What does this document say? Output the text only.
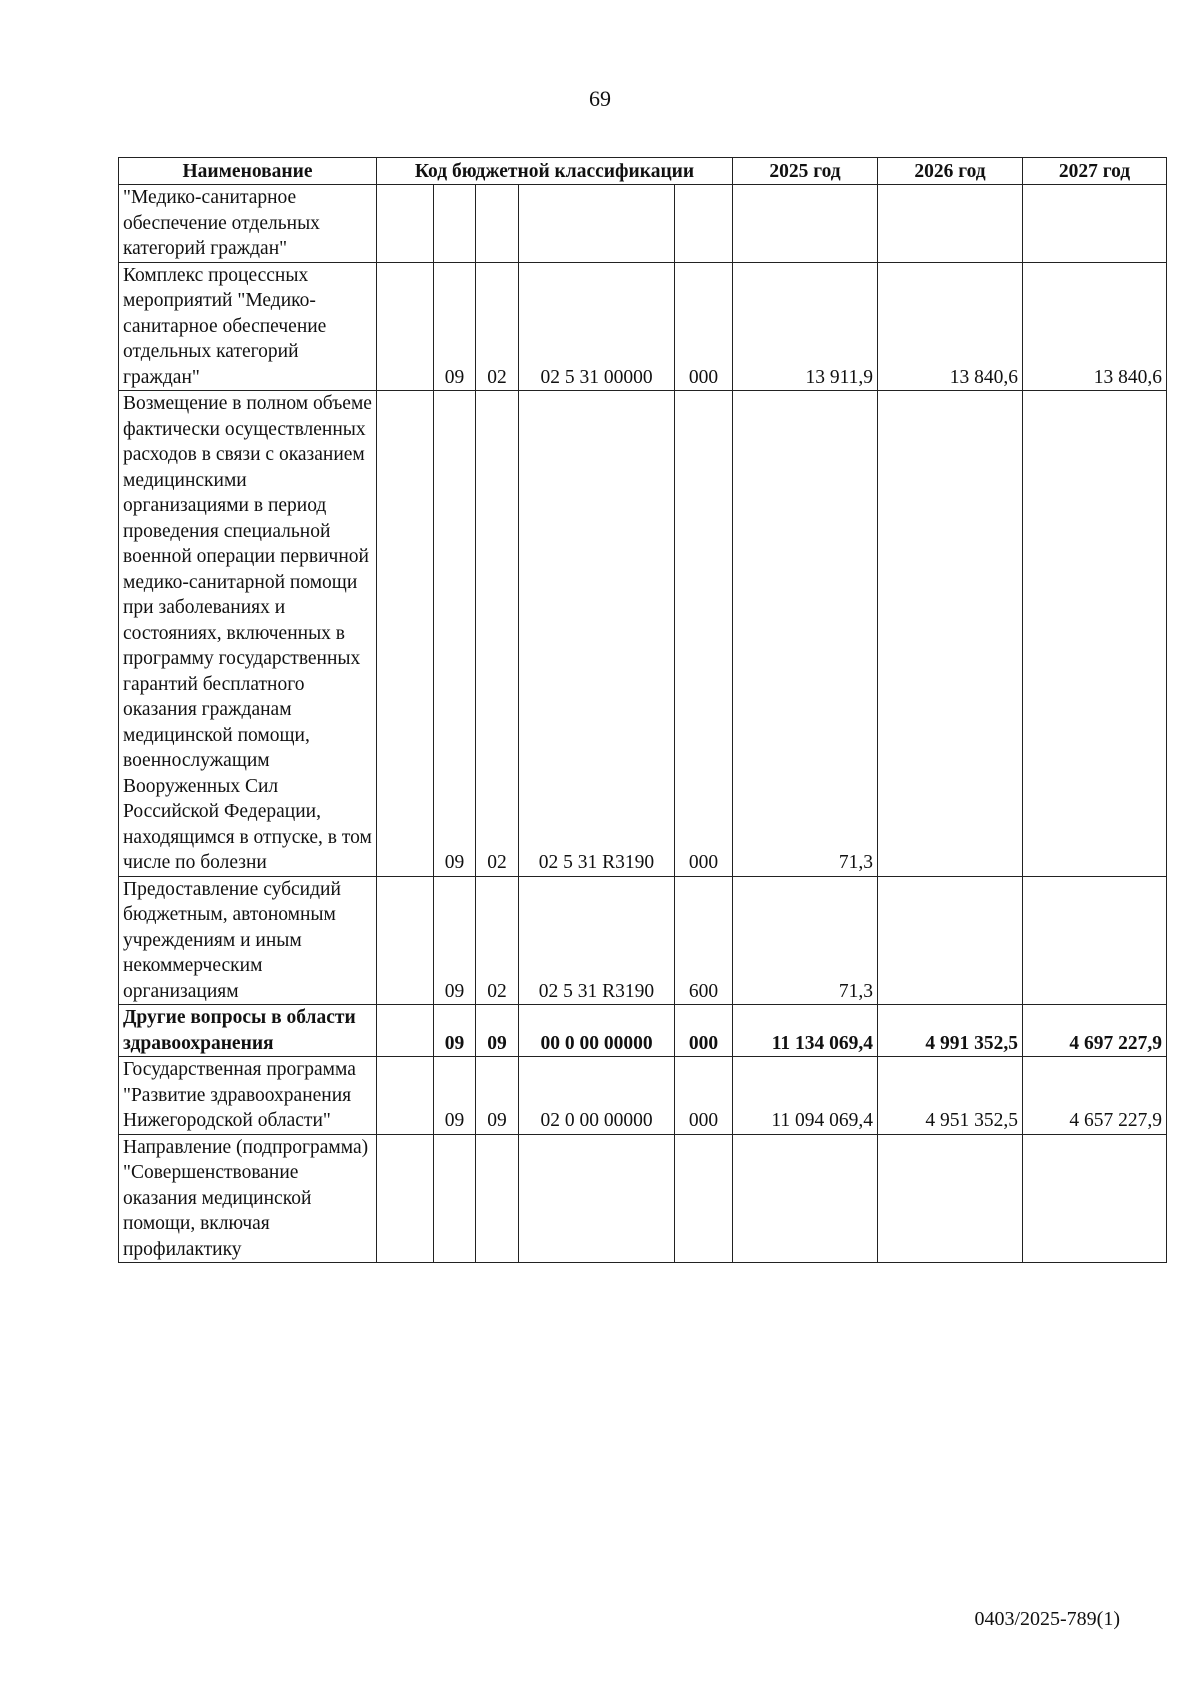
69
Наименование	Код бюджетной классификации					2025 год	2026 год	2027 год
"Медико-санитарное обеспечение отдельных категорий граждан"								
Комплекс процессных мероприятий "Медико-санитарное обеспечение отдельных категорий граждан"		09	02	02 5 31 00000	000	13 911,9	13 840,6	13 840,6
Возмещение в полном объеме фактически осуществленных расходов в связи с оказанием медицинскими организациями в период проведения специальной военной операции первичной медико-санитарной помощи при заболеваниях и состояниях, включенных в программу государственных гарантий бесплатного оказания гражданам медицинской помощи, военнослужащим Вооруженных Сил Российской Федерации, находящимся в отпуске, в том числе по болезни		09	02	02 5 31 R3190	000	71,3		
Предоставление субсидий бюджетным, автономным учреждениям и иным некоммерческим организациям		09	02	02 5 31 R3190	600	71,3		
Другие вопросы в области здравоохранения		09	09	00 0 00 00000	000	11 134 069,4	4 991 352,5	4 697 227,9
Государственная программа "Развитие здравоохранения Нижегородской области"		09	09	02 0 00 00000	000	11 094 069,4	4 951 352,5	4 657 227,9
Направление (подпрограмма) "Совершенствование оказания медицинской помощи, включая профилактику								
0403/2025-789(1)
